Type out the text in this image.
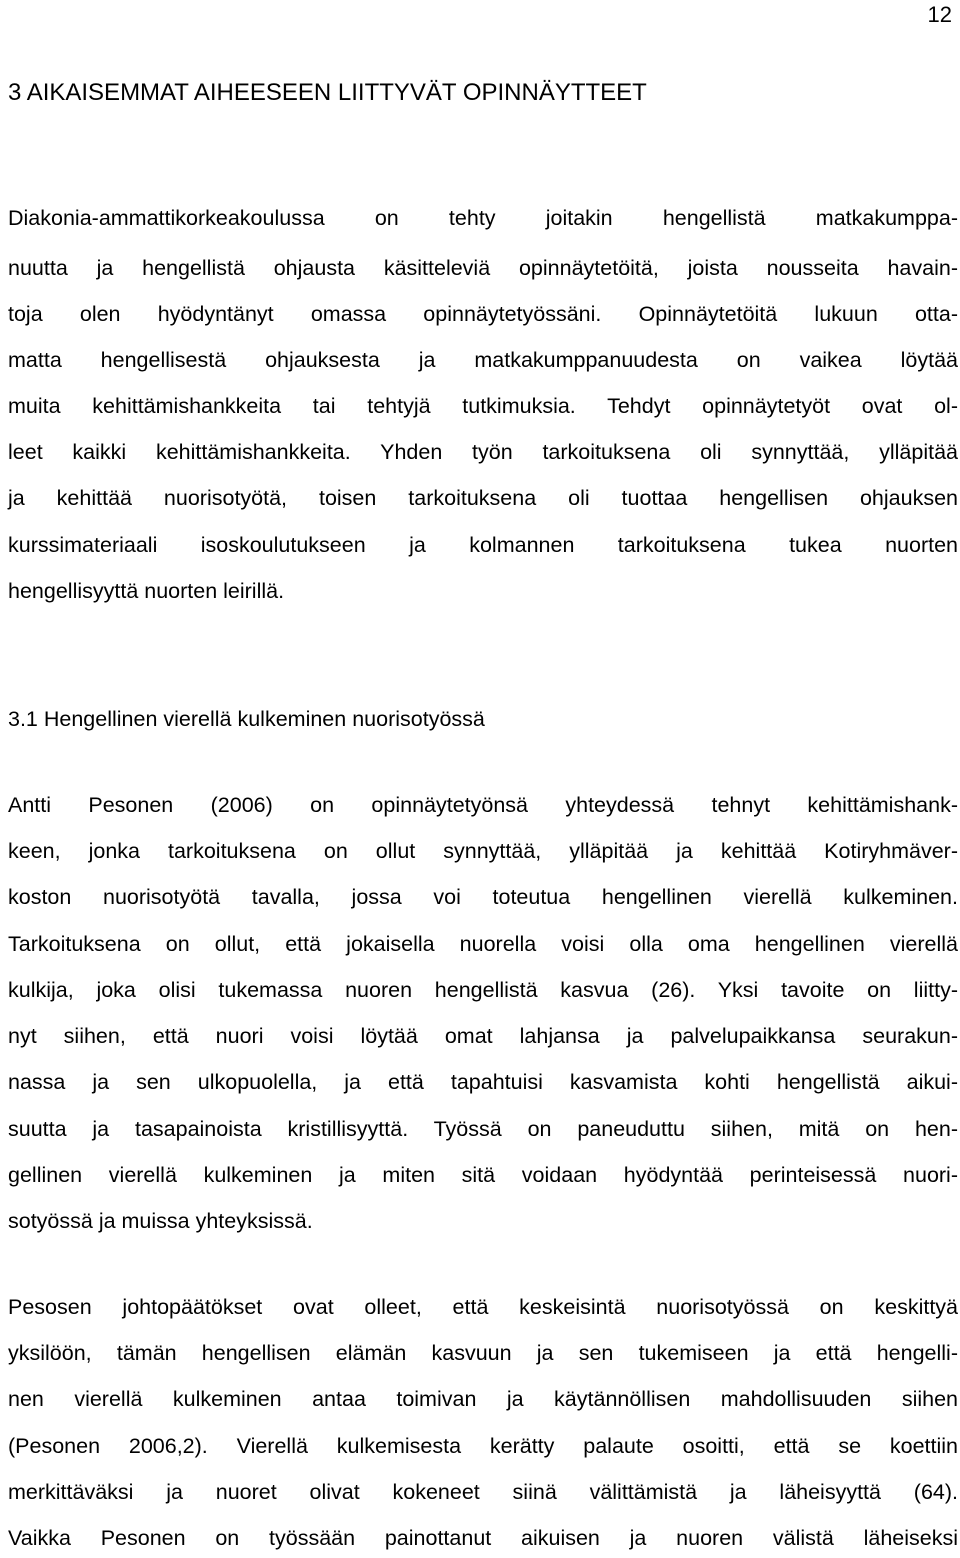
12
3 AIKAISEMMAT AIHEESEEN LIITTYVÄT OPINNÄYTTEET
Diakonia-ammattikorkeakoulussa on tehty joitakin hengellistä matkakumppa-
nuutta ja hengellistä ohjausta käsitteleviä opinnäytetöitä, joista nousseita havain-
toja olen hyödyntänyt omassa opinnäytetyössäni. Opinnäytetöitä lukuun otta-
matta hengellisestä ohjauksesta ja matkakumppanuudesta on vaikea löytää
muita kehittämishankkeita tai tehtyjä tutkimuksia. Tehdyt opinnäytetyöt ovat ol-
leet kaikki kehittämishankkeita. Yhden työn tarkoituksena oli synnyttää, ylläpitää
ja kehittää nuorisotyötä, toisen tarkoituksena oli tuottaa hengellisen ohjauksen
kurssimateriaali isoskoulutukseen ja kolmannen tarkoituksena tukea nuorten
hengellisyyttä nuorten leirillä.
3.1 Hengellinen vierellä kulkeminen nuorisotyössä
Antti Pesonen (2006) on opinnäytetyönsä yhteydessä tehnyt kehittämishank-
keen, jonka tarkoituksena on ollut synnyttää, ylläpitää ja kehittää Kotiryhmäver-
koston nuorisotyötä tavalla, jossa voi toteutua hengellinen vierellä kulkeminen.
Tarkoituksena on ollut, että jokaisella nuorella voisi olla oma hengellinen vierellä
kulkija, joka olisi tukemassa nuoren hengellistä kasvua (26). Yksi tavoite on liitty-
nyt siihen, että nuori voisi löytää omat lahjansa ja palvelupaikkansa seurakun-
nassa ja sen ulkopuolella, ja että tapahtuisi kasvamista kohti hengellistä aikui-
suutta ja tasapainoista kristillisyyttä. Työssä on paneuduttu siihen, mitä on hen-
gellinen vierellä kulkeminen ja miten sitä voidaan hyödyntää perinteisessä nuori-
sotyössä ja muissa yhteyksissä.
Pesosen johtopäätökset ovat olleet, että keskeisintä nuorisotyössä on keskittyä
yksilöön, tämän hengellisen elämän kasvuun ja sen tukemiseen ja että hengelli-
nen vierellä kulkeminen antaa toimivan ja käytännöllisen mahdollisuuden siihen
(Pesonen 2006,2). Vierellä kulkemisesta kerätty palaute osoitti, että se koettiin
merkittäväksi ja nuoret olivat kokeneet siinä välittämistä ja läheisyyttä (64).
Vaikka Pesonen on työssään painottanut aikuisen ja nuoren välistä läheiseksi
